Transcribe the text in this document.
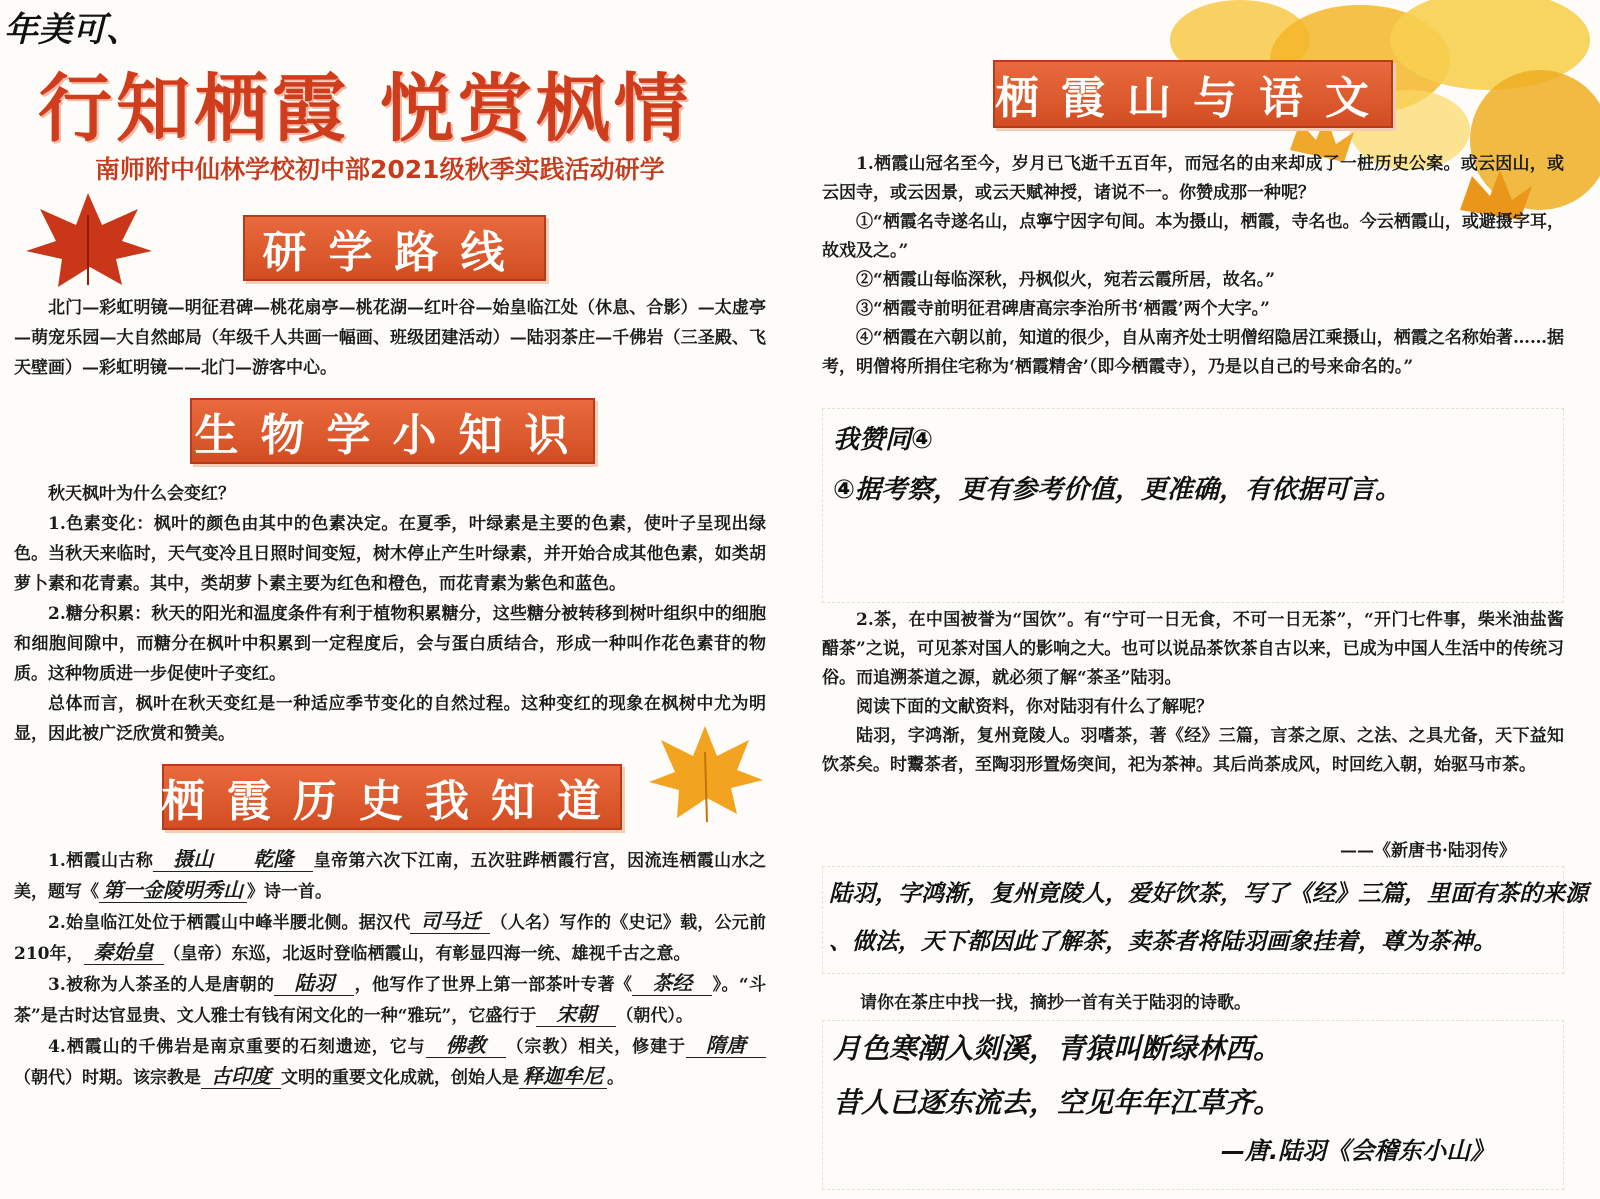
年美可、
行知栖霞 悦赏枫情
南师附中仙林学校初中部2021级秋季实践活动研学
研学路线
北门—彩虹明镜—明征君碑—桃花扇亭—桃花湖—红叶谷—始皇临江处（休息、合影）—太虚亭—萌宠乐园—大自然邮局（年级千人共画一幅画、班级团建活动）—陆羽茶庄—千佛岩（三圣殿、飞天壁画）—彩虹明镜——北门—游客中心。
生物学小知识

秋天枫叶为什么会变红？

1.色素变化：枫叶的颜色由其中的色素决定。在夏季，叶绿素是主要的色素，使叶子呈现出绿色。当秋天来临时，天气变冷且日照时间变短，树木停止产生叶绿素，并开始合成其他色素，如类胡萝卜素和花青素。其中，类胡萝卜素主要为红色和橙色，而花青素为紫色和蓝色。

2.糖分积累：秋天的阳光和温度条件有利于植物积累糖分，这些糖分被转移到树叶组织中的细胞和细胞间隙中，而糖分在枫叶中积累到一定程度后，会与蛋白质结合，形成一种叫作花色素苷的物质。这种物质进一步促使叶子变红。

总体而言，枫叶在秋天变红是一种适应季节变化的自然过程。这种变红的现象在枫树中尤为明显，因此被广泛欣赏和赞美。

栖霞历史我知道

1.栖霞山古称 摄山 乾隆 皇帝第六次下江南，五次驻跸栖霞行宫，因流连栖霞山水之美，题写《 第一金陵明秀山 》诗一首。

2.始皇临江处位于栖霞山中峰半腰北侧。据汉代 司马迁 （人名）写作的《史记》载，公元前210年， 秦始皇 （皇帝）东巡，北返时登临栖霞山，有彰显四海一统、雄视千古之意。

3.被称为人茶圣的人是唐朝的 陆羽 ，他写作了世界上第一部茶叶专著《 茶经 》。“斗茶”是古时达官显贵、文人雅士有钱有闲文化的一种“雅玩”，它盛行于 宋朝 （朝代）。

4.栖霞山的千佛岩是南京重要的石刻遗迹，它与 佛教 （宗教）相关，修建于 隋唐（朝代）时期。该宗教是 古印度 文明的重要文化成就，创始人是 释迦牟尼 。

栖霞山与语文

1.栖霞山冠名至今，岁月已飞逝千五百年，而冠名的由来却成了一桩历史公案。或云因山，或云因寺，或云因景，或云天赋神授，诸说不一。你赞成那一种呢？

①“栖霞名寺遂名山，点寧宁因字句间。本为摄山，栖霞，寺名也。今云栖霞山，或避摄字耳，故戏及之。”

②“栖霞山每临深秋，丹枫似火，宛若云霞所居，故名。”

③“栖霞寺前明征君碑唐高宗李治所书‘栖霞’两个大字。”

④“栖霞在六朝以前，知道的很少，自从南齐处士明僧绍隐居江乘摄山，栖霞之名称始著……据考，明僧将所捐住宅称为‘栖霞精舍’（即今栖霞寺），乃是以自己的号来命名的。”

我赞同④
④据考察，更有参考价值，更准确，有依据可言。

2.茶，在中国被誉为“国饮”。有“宁可一日无食，不可一日无茶”，“开门七件事，柴米油盐酱醋茶”之说，可见茶对国人的影响之大。也可以说品茶饮茶自古以来，已成为中国人生活中的传统习俗。而追溯茶道之源，就必须了解“茶圣”陆羽。

阅读下面的文献资料，你对陆羽有什么了解呢？

陆羽，字鸿渐，复州竟陵人。羽嗜茶，著《经》三篇，言茶之原、之法、之具尤备，天下益知饮茶矣。时鬻茶者，至陶羽形置炀突间，祀为茶神。其后尚茶成风，时回纥入朝，始驱马市茶。

——《新唐书·陆羽传》
陆羽，字鸿渐，复州竟陵人，爱好饮茶，写了《经》三篇，里面有茶的来源
、做法，天下都因此了解茶，卖茶者将陆羽画象挂着，尊为茶神。
请你在茶庄中找一找，摘抄一首有关于陆羽的诗歌。
月色寒潮入剡溪，青猿叫断绿林西。
昔人已逐东流去，空见年年江草齐。
—唐.陆羽《会稽东小山》
